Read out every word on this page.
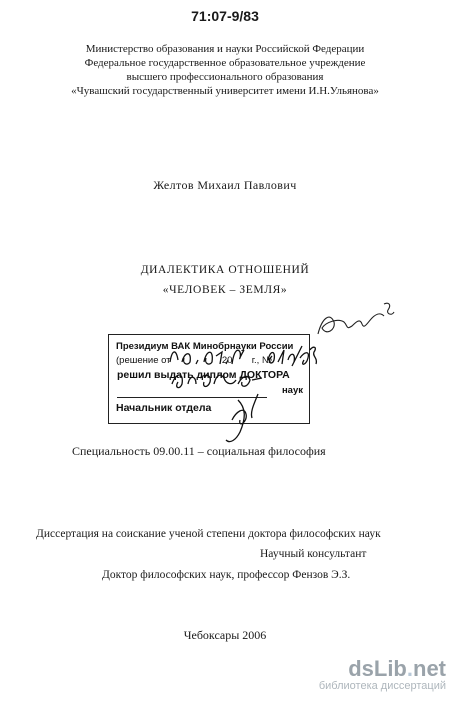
71:07-9/83
Министерство образования и науки Российской Федерации
Федеральное государственное образовательное учреждение
высшего профессионального образования
«Чувашский государственный университет имени И.Н.Ульянова»
Желтов Михаил Павлович
ДИАЛЕКТИКА ОТНОШЕНИЙ
«ЧЕЛОВЕК – ЗЕМЛЯ»
Президиум ВАК Минобрнауки России
(решение от	20 г., №
решил выдать диплом ДОКТОРА
наук
Начальник отдела
Специальность 09.00.11 – социальная философия
Диссертация на соискание ученой степени доктора философских наук
Научный консультант
Доктор философских наук, профессор Фензов Э.З.
Чебоксары 2006
dsLib.net
библиотека диссертаций
